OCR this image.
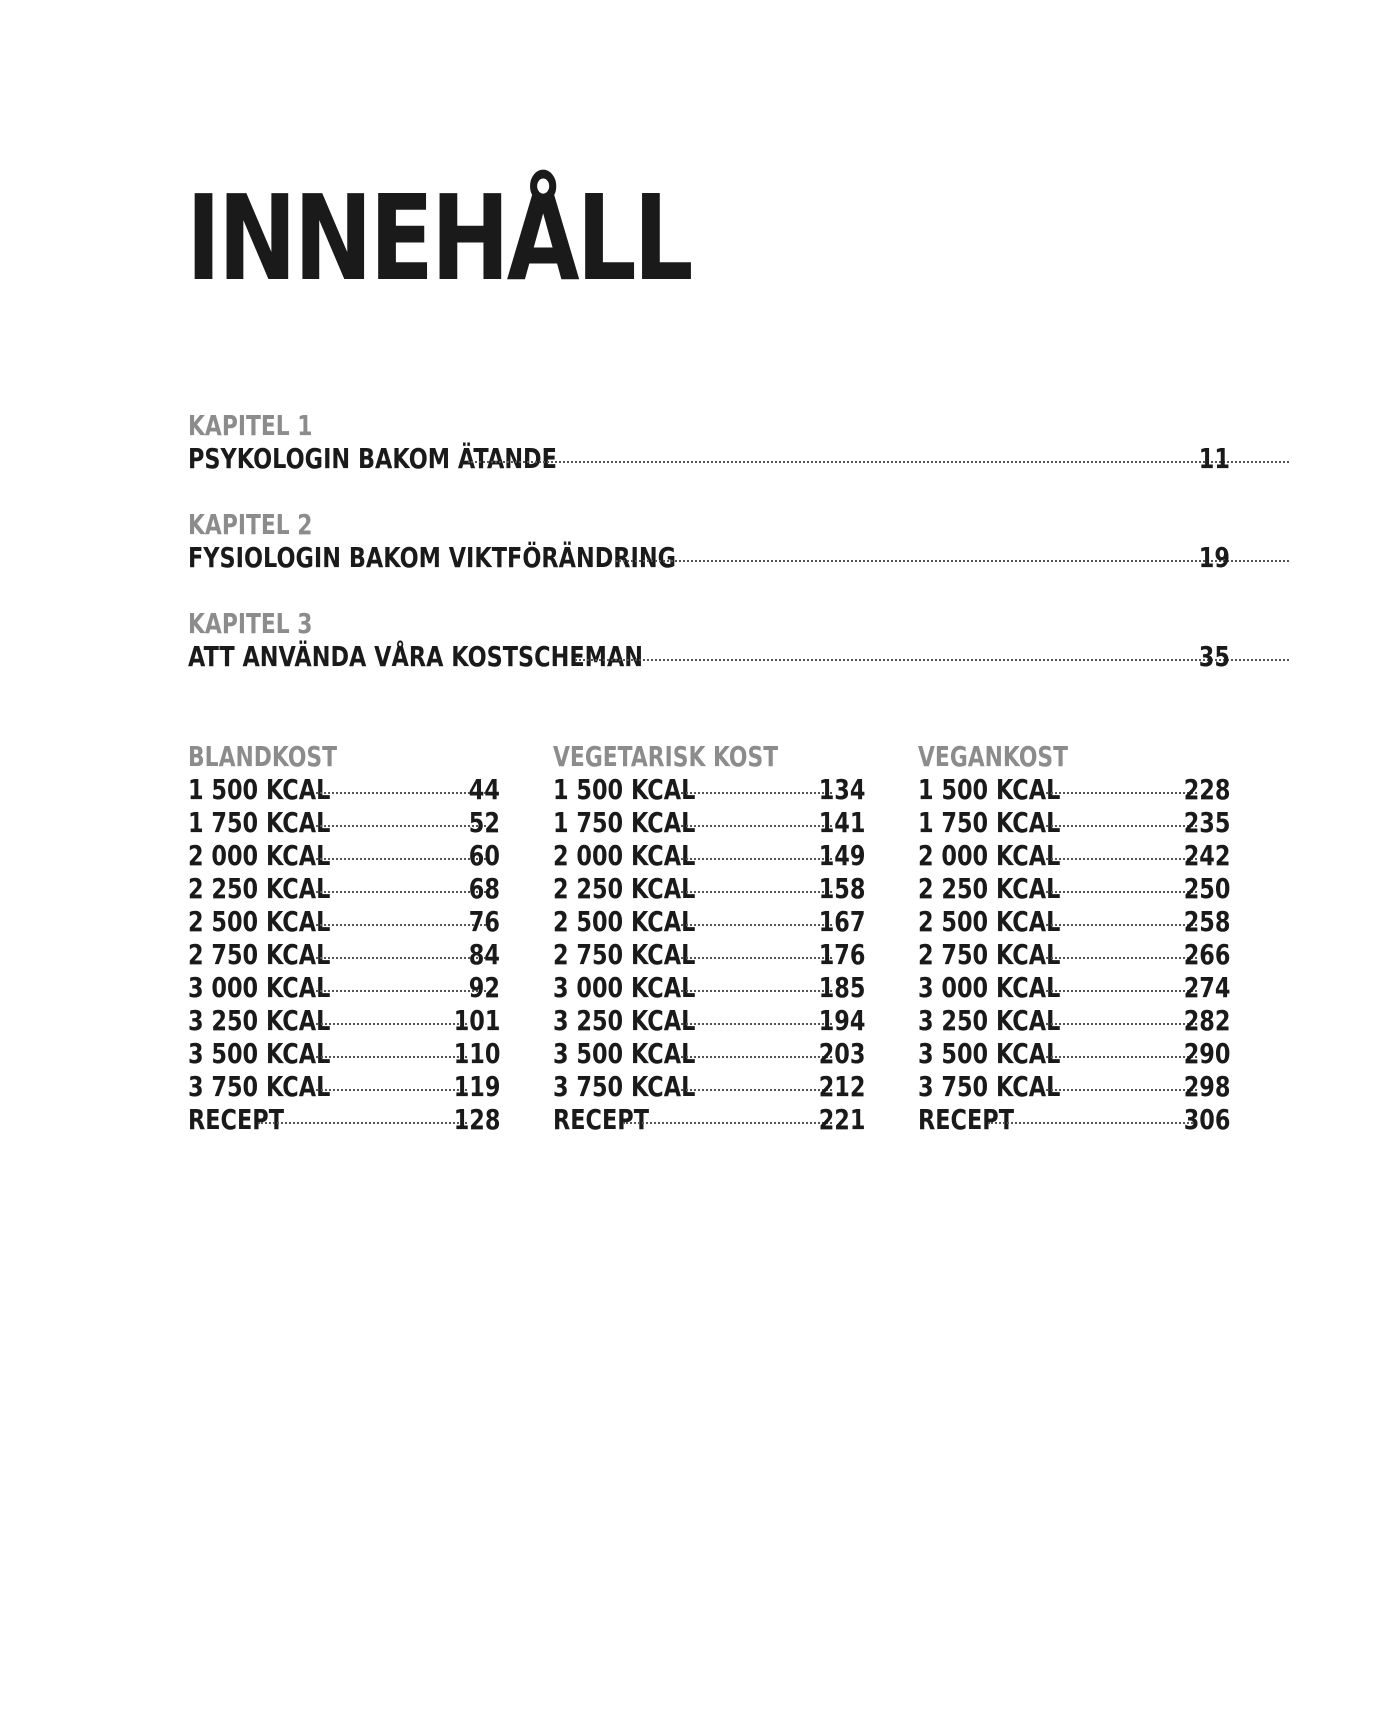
INNEHÅLL
KAPITEL 1
PSYKOLOGIN BAKOM ÄTANDE	11
KAPITEL 2
FYSIOLOGIN BAKOM VIKTFÖRÄNDRING	19
KAPITEL 3
ATT ANVÄNDA VÅRA KOSTSCHEMAN	35
BLANDKOST
1 500 KCAL	44
1 750 KCAL	52
2 000 KCAL	60
2 250 KCAL	68
2 500 KCAL	76
2 750 KCAL	84
3 000 KCAL	92
3 250 KCAL	101
3 500 KCAL	110
3 750 KCAL	119
RECEPT	128
VEGETARISK KOST
1 500 KCAL	134
1 750 KCAL	141
2 000 KCAL	149
2 250 KCAL	158
2 500 KCAL	167
2 750 KCAL	176
3 000 KCAL	185
3 250 KCAL	194
3 500 KCAL	203
3 750 KCAL	212
RECEPT	221
VEGANKOST
1 500 KCAL	228
1 750 KCAL	235
2 000 KCAL	242
2 250 KCAL	250
2 500 KCAL	258
2 750 KCAL	266
3 000 KCAL	274
3 250 KCAL	282
3 500 KCAL	290
3 750 KCAL	298
RECEPT	306
